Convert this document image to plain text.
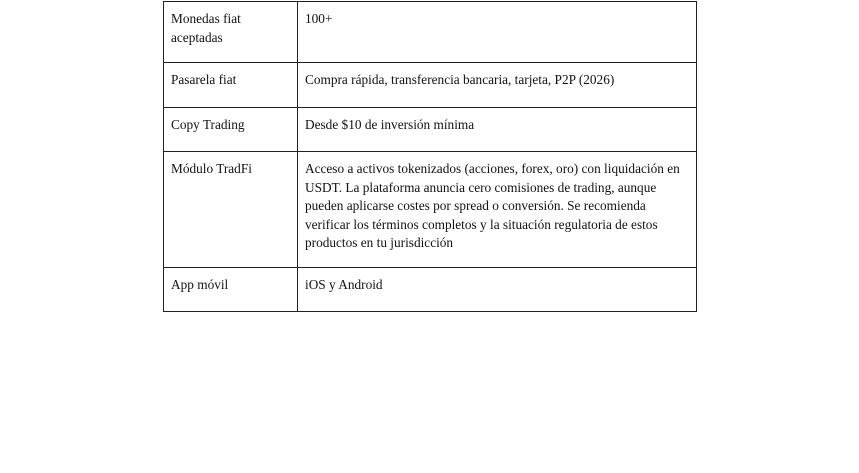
Monedas fiat aceptadas	100+
Pasarela fiat	Compra rápida, transferencia bancaria, tarjeta, P2P (2026)
Copy Trading	Desde $10 de inversión mínima
Módulo TradFi	Acceso a activos tokenizados (acciones, forex, oro) con liquidación en USDT. La plataforma anuncia cero comisiones de trading, aunque pueden aplicarse costes por spread o conversión. Se recomienda verificar los términos completos y la situación regulatoria de estos productos en tu jurisdicción
App móvil	iOS y Android
